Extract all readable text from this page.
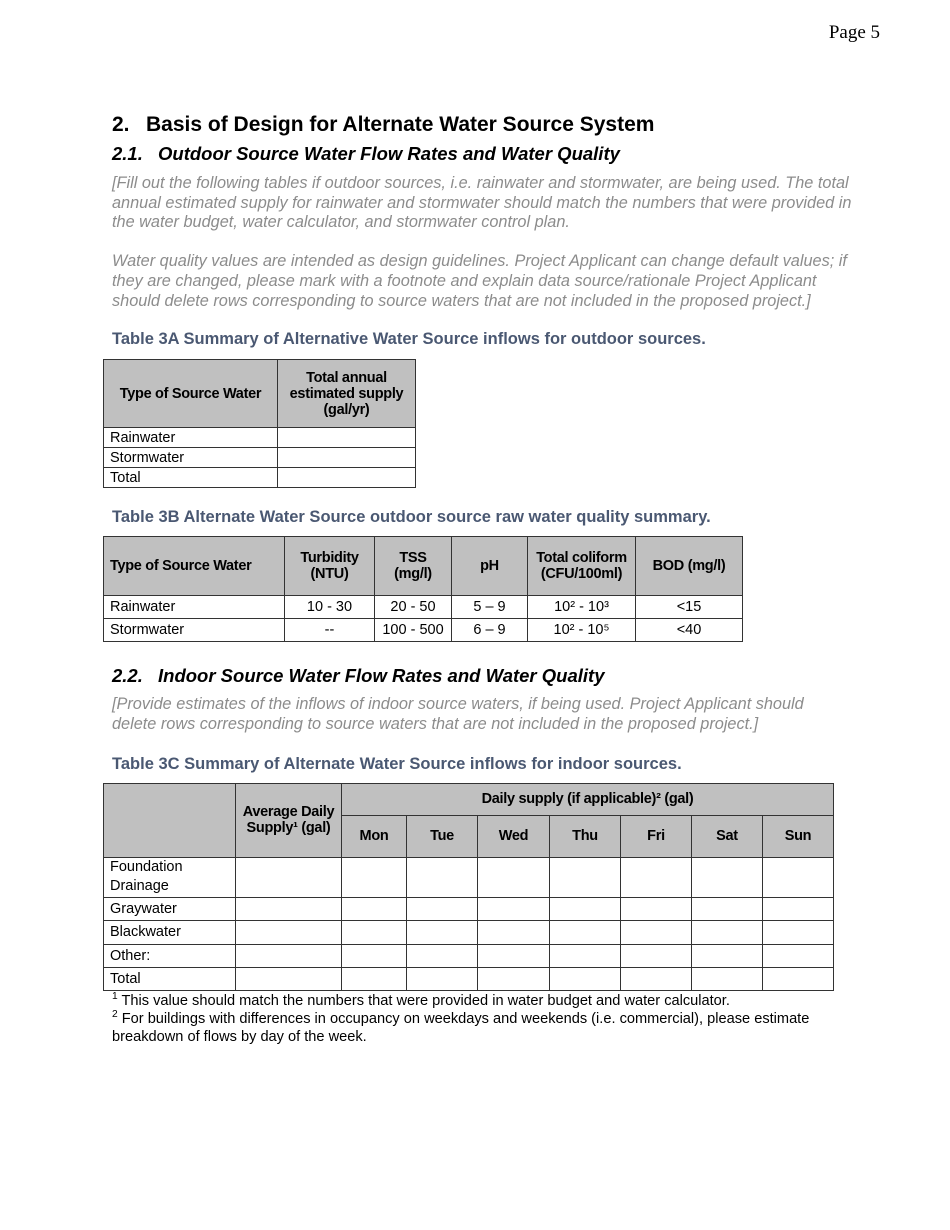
Page 5
2. Basis of Design for Alternate Water Source System
2.1. Outdoor Source Water Flow Rates and Water Quality

[Fill out the following tables if outdoor sources, i.e. rainwater and stormwater, are being used. The total annual estimated supply for rainwater and stormwater should match the numbers that were provided in the water budget, water calculator, and stormwater control plan.

Water quality values are intended as design guidelines. Project Applicant can change default values; if they are changed, please mark with a footnote and explain data source/rationale Project Applicant should delete rows corresponding to source waters that are not included in the proposed project.]

Table 3A Summary of Alternative Water Source inflows for outdoor sources.

Type of Source Water	Total annual estimated supply (gal/yr)
Rainwater	
Stormwater	
Total	

Table 3B Alternate Water Source outdoor source raw water quality summary.

Type of Source Water	Turbidity (NTU)	TSS (mg/l)	pH	Total coliform (CFU/100ml)	BOD (mg/l)
Rainwater	10 - 30	20 - 50	5 – 9	10² - 10³	<15
Stormwater	--	100 - 500	6 – 9	10² - 10⁵	<40
2.2. Indoor Source Water Flow Rates and Water Quality

[Provide estimates of the inflows of indoor source waters, if being used. Project Applicant should delete rows corresponding to source waters that are not included in the proposed project.]

Table 3C Summary of Alternate Water Source inflows for indoor sources.

	Average Daily Supply¹ (gal)	Daily supply (if applicable)² (gal)						
		Mon	Tue	Wed	Thu	Fri	Sat	Sun
Foundation Drainage								
Graywater								
Blackwater								
Other:								
Total								
$^1$ This value should match the numbers that were provided in water budget and water calculator.
$^2$ For buildings with differences in occupancy on weekdays and weekends (i.e. commercial), please estimate breakdown of flows by day of the week.
